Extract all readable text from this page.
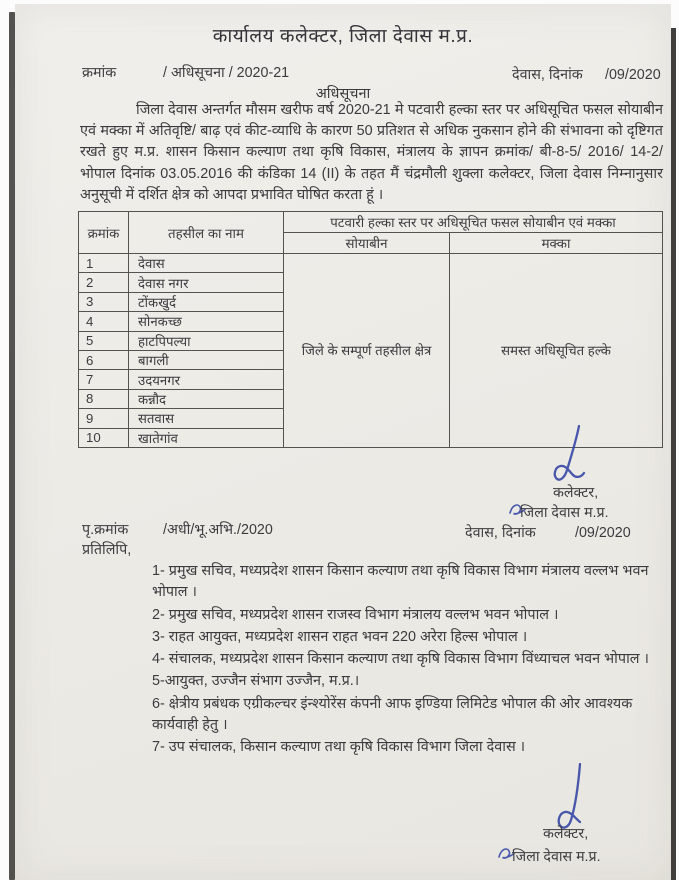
कार्यालय कलेक्टर, जिला देवास म.प्र.
क्रमांक	/ अधिसूचना / 2020-21	देवास, दिनांक /09/2020
अधिसूचना
जिला देवास अन्तर्गत मौसम खरीफ वर्ष 2020-21 मे पटवारी हल्का स्तर पर अधिसूचित फसल सोयाबीन एवं मक्का में अतिवृष्टि/ बाढ़ एवं कीट-व्याधि के कारण 50 प्रतिशत से अधिक नुकसान होने की संभावना को दृष्टिगत रखते हुए म.प्र. शासन किसान कल्याण तथा कृषि विकास, मंत्रालय के ज्ञापन क्रमांक/ बी-8-5/ 2016/ 14-2/ भोपाल दिनांक 03.05.2016 की कंडिका 14 (II) के तहत मैं चंद्रमौली शुक्ला कलेक्टर, जिला देवास निम्नानुसार अनुसूची में दर्शित क्षेत्र को आपदा प्रभावित घोषित करता हूं ।
क्रमांक	तहसील का नाम	पटवारी हल्का स्तर पर अधिसूचित फसल सोयाबीन एवं मक्का	
		सोयाबीन	मक्का
1	देवास	जिले के सम्पूर्ण तहसील क्षेत्र	समस्त अधिसूचित हल्के
2	देवास नगर		
3	टोंकखुर्द		
4	सोनकच्छ		
5	हाटपिपल्या		
6	बागली		
7	उदयनगर		
8	कन्नौद		
9	सतवास		
10	खातेगांव		
कलेक्टर,
जिला देवास म.प्र.
पृ.क्रमांक /अधी/भू.अभि./2020	देवास, दिनांक	/09/2020
प्रतिलिपि,
1- प्रमुख सचिव, मध्यप्रदेश शासन किसान कल्याण तथा कृषि विकास विभाग मंत्रालय वल्लभ भवन भोपाल ।
2- प्रमुख सचिव, मध्यप्रदेश शासन राजस्व विभाग मंत्रालय वल्लभ भवन भोपाल ।
3- राहत आयुक्त, मध्यप्रदेश शासन राहत भवन 220 अरेरा हिल्स भोपाल ।
4- संचालक, मध्यप्रदेश शासन किसान कल्याण तथा कृषि विकास विभाग विंध्याचल भवन भोपाल ।
5-आयुक्त, उज्जैन संभाग उज्जैन, म.प्र.।
6- क्षेत्रीय प्रबंधक एग्रीकल्चर इंन्श्योरेंस कंपनी आफ इण्डिया लिमिटेड भोपाल की ओर आवश्यक कार्यवाही हेतु ।
7- उप संचालक, किसान कल्याण तथा कृषि विकास विभाग जिला देवास ।
कलेक्टर,
जिला देवास म.प्र.
